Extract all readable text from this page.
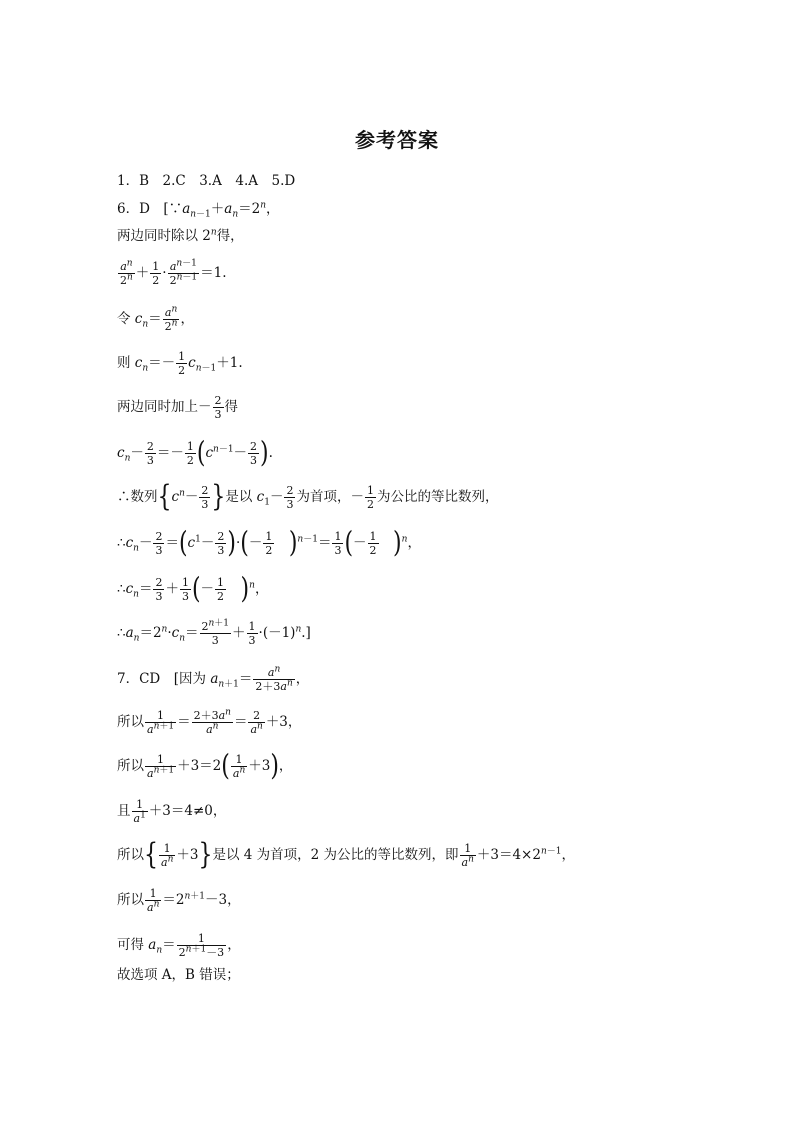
参考答案
1．B　2.C　3.A　4.A　5.D
6．D　[$\because a_{n-1}+a_n=2^n$，
两边同时除以 2$^n$得，
$\frac{a^n}{2^n} + \frac{1}{2} \cdot \frac{a^{n-1}}{2^{n-1}} =1$.
令 $c_n= \frac{a^n}{2^n}$ ，
则 $c_n=- \frac{1}{2} c_{n-1}+1$.
两边同时加上－ $\frac{2}{3}$ 得
$c_n- \frac{2}{3} =- \frac{1}{2} (c^{n-1}- \frac{2}{3}$ ).
∴数列{$c^n- \frac{2}{3}$ }是以 $c_1- \frac{2}{3}$ 为首项，－ $\frac{1}{2}$ 为公比的等比数列，
$\therefore c_n- \frac{2}{3} =(c^1- \frac{2}{3}$ )·(－ $\frac{1}{2}$
　 )$^{n-1}= \frac{1}{3}$ (－ $\frac{1}{2}$
　 )$^n$，
$\therefore c_n= \frac{2}{3} + \frac{1}{3}$ (－ $\frac{1}{2}$
　 )$^n$，
$\therefore a_n=2^n\cdot c_n= \frac{2^{n+1}}{3} + \frac{1}{3} \cdot(-1)^n$.]
7．CD　[因为 $a_{n+1}= \frac{a^n}{2+3a^n}$ ，
所以 $\frac{1}{a^{n+1}} = \frac{2+3a^n}{a^n} = \frac{2}{a^n} +3$，
所以 $\frac{1}{a^{n+1}} +3=2( \frac{1}{a^n} +3)$，
且 $\frac{1}{a^1} +3=4\ne 0$，
所以{ $\frac{1}{a^n} +3$}是以 4 为首项，2 为公比的等比数列，即 $\frac{1}{a^n} +3=4\times 2^{n-1}$，
所以 $\frac{1}{a^n} =2^{n+1}-3$，
可得 $a_n= \frac{1}{2^{n+1}-3}$ ，
故选项 A，B 错误；
